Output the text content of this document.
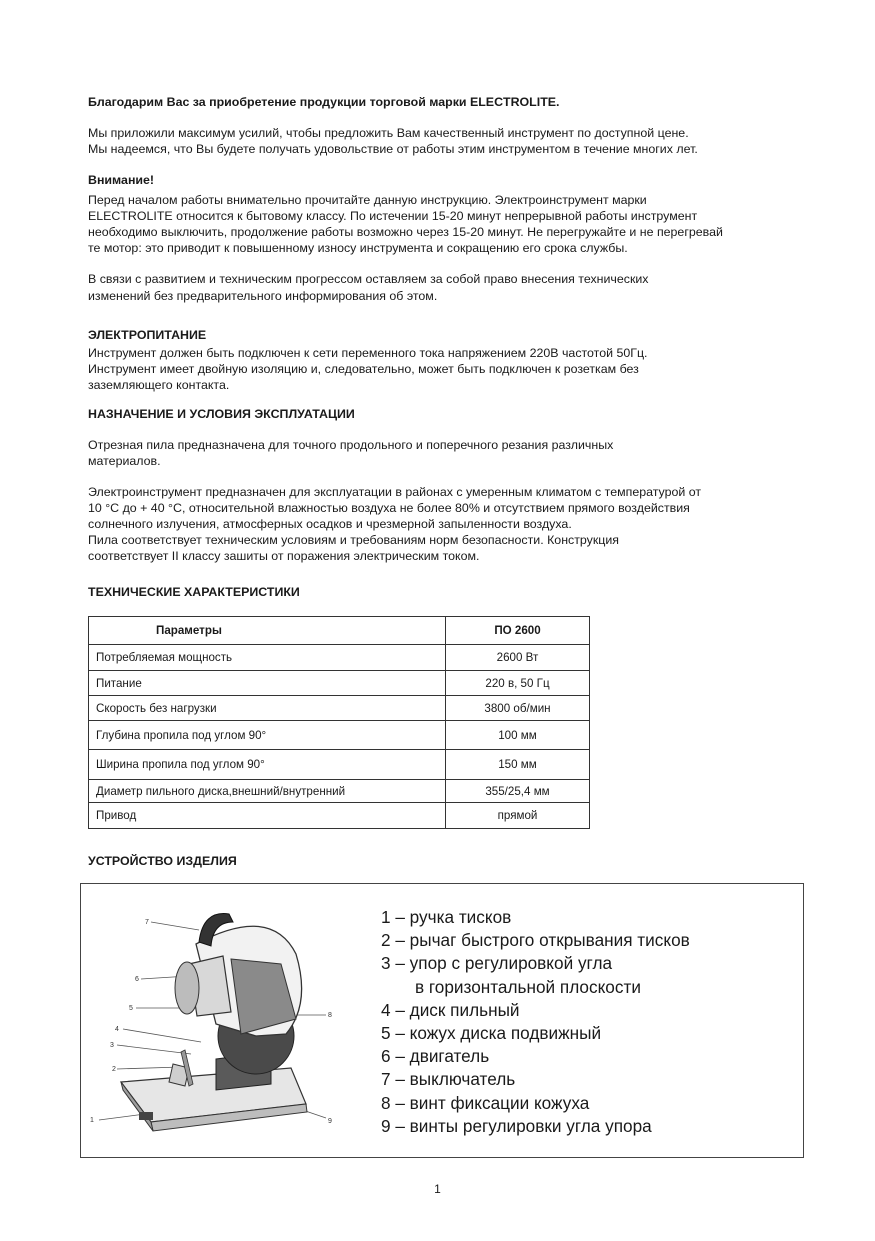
Благодарим Вас за приобретение продукции торговой марки ELECTROLITE.

Мы приложили максимум усилий, чтобы предложить Вам качественный инструмент по доступной цене.

Мы надеемся, что Вы будете получать удовольствие от работы этим инструментом в течение многих лет.

Внимание!

Перед началом работы внимательно прочитайте данную инструкцию. Электроинструмент марки

ELECTROLITE относится к бытовому классу. По истечении 15-20 минут непрерывной работы инструмент

необходимо выключить, продолжение работы возможно через 15-20 минут. Не перегружайте и не перегревай

те мотор: это приводит к повышенному износу инструмента и сокращению его срока службы.

В связи с развитием и техническим прогрессом оставляем за собой право внесения технических

изменений без предварительного информирования об этом.

ЭЛЕКТРОПИТАНИЕ

Инструмент должен быть подключен к сети переменного тока напряжением 220В частотой 50Гц.

Инструмент имеет двойную изоляцию и, следовательно, может быть подключен к розеткам без

заземляющего контакта.

НАЗНАЧЕНИЕ И УСЛОВИЯ ЭКСПЛУАТАЦИИ

Отрезная пила предназначена для точного продольного и поперечного резания различных

материалов.

Электроинструмент предназначен для эксплуатации в районах с умеренным климатом с температурой от

10 °С до + 40 °С, относительной влажностью воздуха не более 80% и отсутствием прямого воздействия

солнечного излучения, атмосферных осадков и чрезмерной запыленности воздуха.

Пила соответствует техническим условиям и требованиям норм безопасности. Конструкция

соответствует II классу зашиты от поражения электрическим током.

ТЕХНИЧЕСКИЕ ХАРАКТЕРИСТИКИ

Параметры	ПО 2600
Потребляемая мощность	2600 Вт
Питание	220 в, 50 Гц
Скорость без нагрузки	3800 об/мин
Глубина пропила под углом 90°	100 мм
Ширина пропила под углом 90°	150 мм
Диаметр пильного диска,внешний/внутренний	355/25,4 мм
Привод	прямой

УСТРОЙСТВО ИЗДЕЛИЯ

7
6
5
4
3
2
1
8
9
1 – ручка тисков
2 – рычаг быстрого открывания тисков
3 – упор с регулировкой угла
в горизонтальной плоскости
4 – диск пильный
5 – кожух диска подвижный
6 – двигатель
7 – выключатель
8 – винт фиксации кожуха
9 – винты регулировки угла упора
1
